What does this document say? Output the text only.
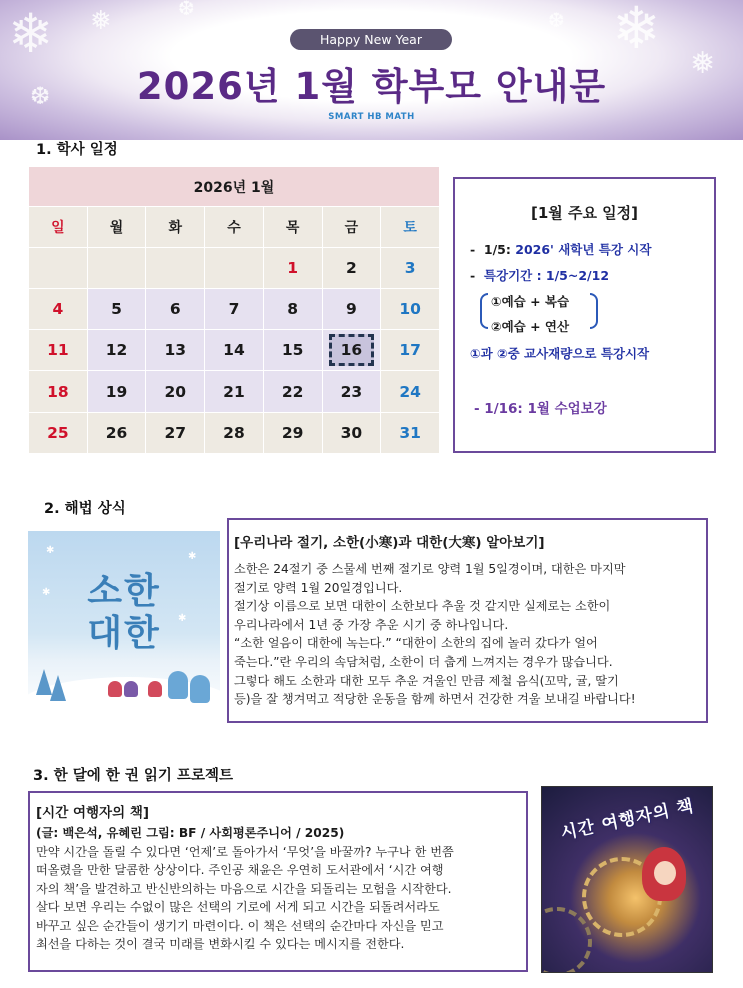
❄ ❅	❆	❄
❅
❆
❆
Happy New Year
2026년 1월 학부모 안내문
SMART HB MATH
1. 학사 일정
2026년 1월						
일	월	화	수	목	금	토
				1	2	3
4	5	6	7	8	9	10
11	12	13	14	15	16	17
18	19	20	21	22	23	24
25	26	27	28	29	30	31
[1월 주요 일정]
- 1/5: 2026' 새학년 특강 시작
- 특강기간 : 1/5~2/12
①예습 + 복습
②예습 + 연산
①과 ②중 교사재량으로 특강시작
- 1/16: 1월 수업보강
2. 해법 상식
✱
✱
✱
✱	소한
대한
[우리나라 절기, 소한(小寒)과 대한(大寒) 알아보기]

소한은 24절기 중 스물세 번째 절기로 양력 1월 5일경이며, 대한은 마지막

절기로 양력 1월 20일경입니다.

절기상 이름으로 보면 대한이 소한보다 추울 것 같지만 실제로는 소한이

우리나라에서 1년 중 가장 추운 시기 중 하나입니다.

“소한 얼음이 대한에 녹는다.” “대한이 소한의 집에 놀러 갔다가 얼어

죽는다.”란 우리의 속담처럼, 소한이 더 춥게 느껴지는 경우가 많습니다.

그렇다 해도 소한과 대한 모두 추운 겨울인 만큼 제철 음식(꼬막, 귤, 딸기

등)을 잘 챙겨먹고 적당한 운동을 함께 하면서 건강한 겨울 보내길 바랍니다!

3. 한 달에 한 권 읽기 프로젝트
[시간 여행자의 책]
(글: 백은석, 유혜린 그림: BF / 사회평론주니어 / 2025)

만약 시간을 돌릴 수 있다면 ‘언제’로 돌아가서 ‘무엇’을 바꿀까? 누구나 한 번쯤

떠올렸을 만한 달콤한 상상이다. 주인공 채윤은 우연히 도서관에서 ‘시간 여행

자의 책’을 발견하고 반신반의하는 마음으로 시간을 되돌리는 모험을 시작한다.

살다 보면 우리는 수없이 많은 선택의 기로에 서게 되고 시간을 되돌려서라도

바꾸고 싶은 순간들이 생기기 마련이다. 이 책은 선택의 순간마다 자신을 믿고

최선을 다하는 것이 결국 미래를 변화시킬 수 있다는 메시지를 전한다.

시간 여행자의 책
